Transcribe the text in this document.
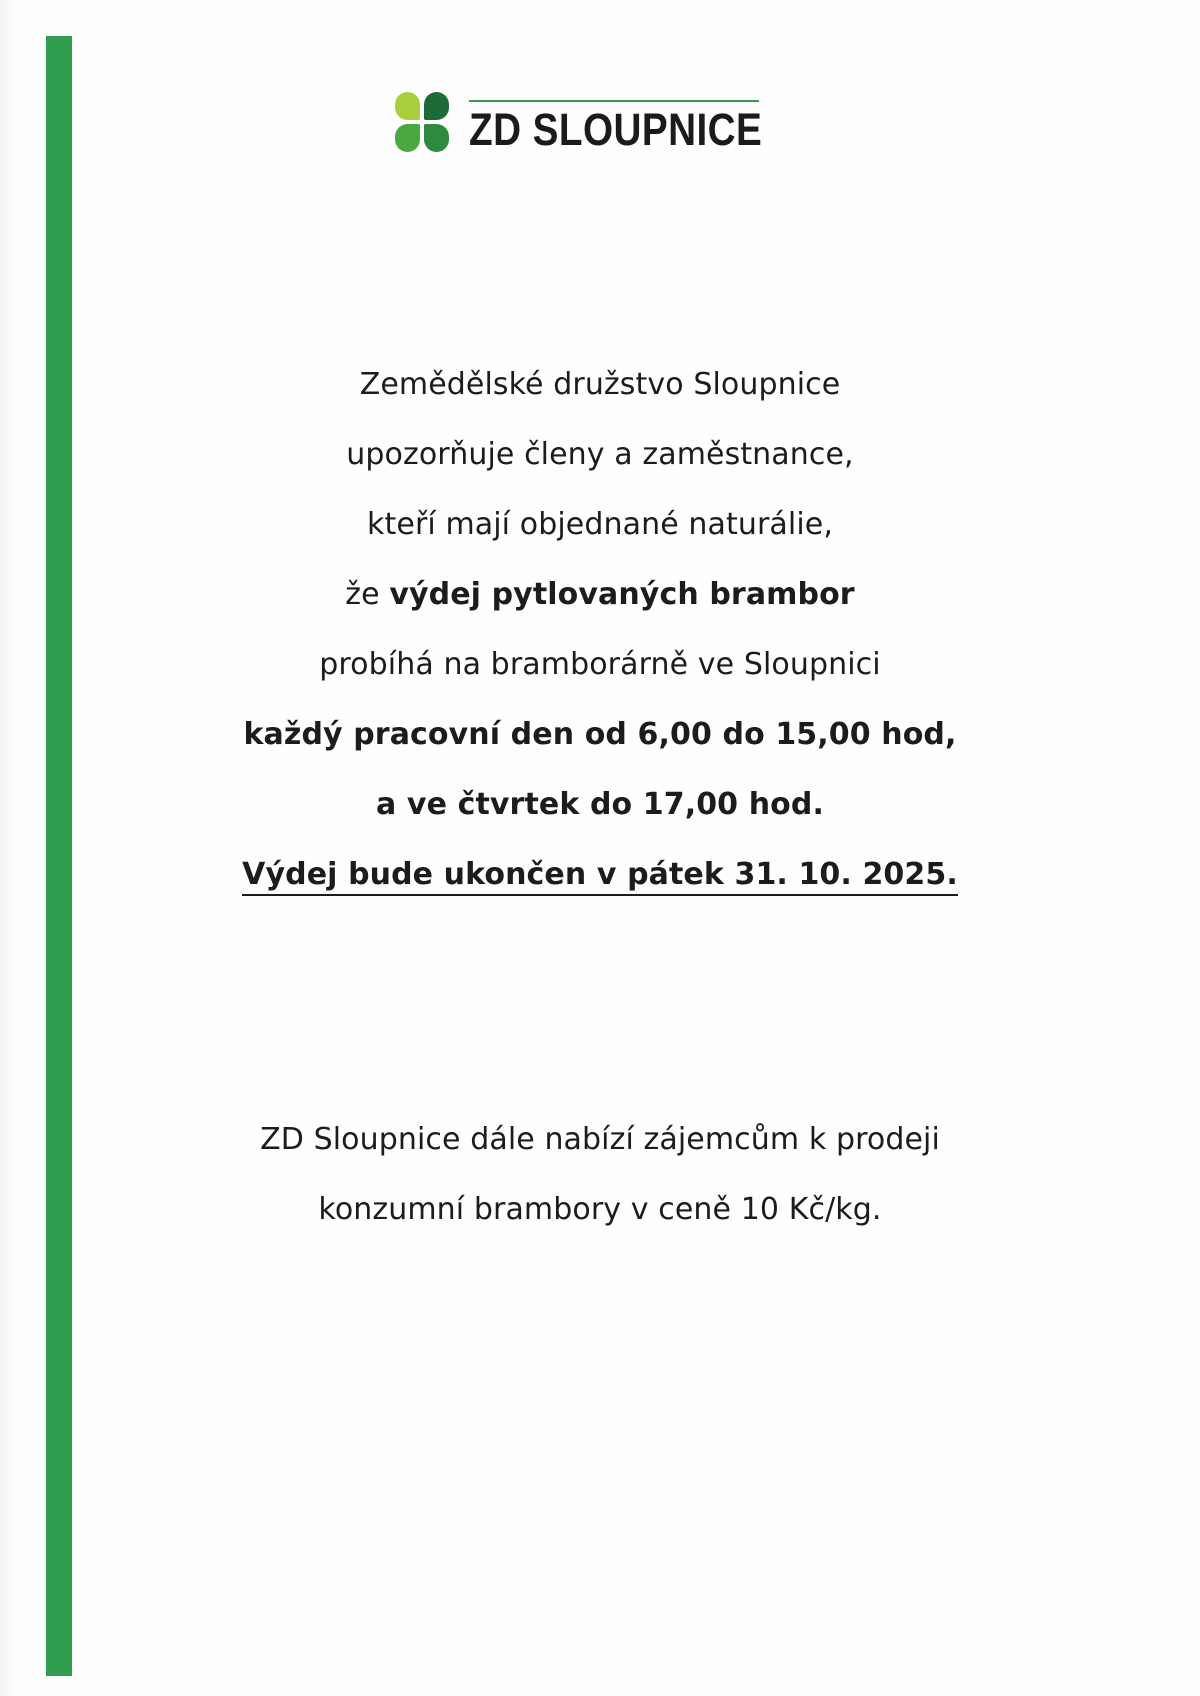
ZD SLOUPNICE
Zemědělské družstvo Sloupnice
upozorňuje členy a zaměstnance,
kteří mají objednané naturálie,
že výdej pytlovaných brambor
probíhá na bramborárně ve Sloupnici
každý pracovní den od 6,00 do 15,00 hod,
a ve čtvrtek do 17,00 hod.
Výdej bude ukončen v pátek 31. 10. 2025.
ZD Sloupnice dále nabízí zájemcům k prodeji
konzumní brambory v ceně 10 Kč/kg.
